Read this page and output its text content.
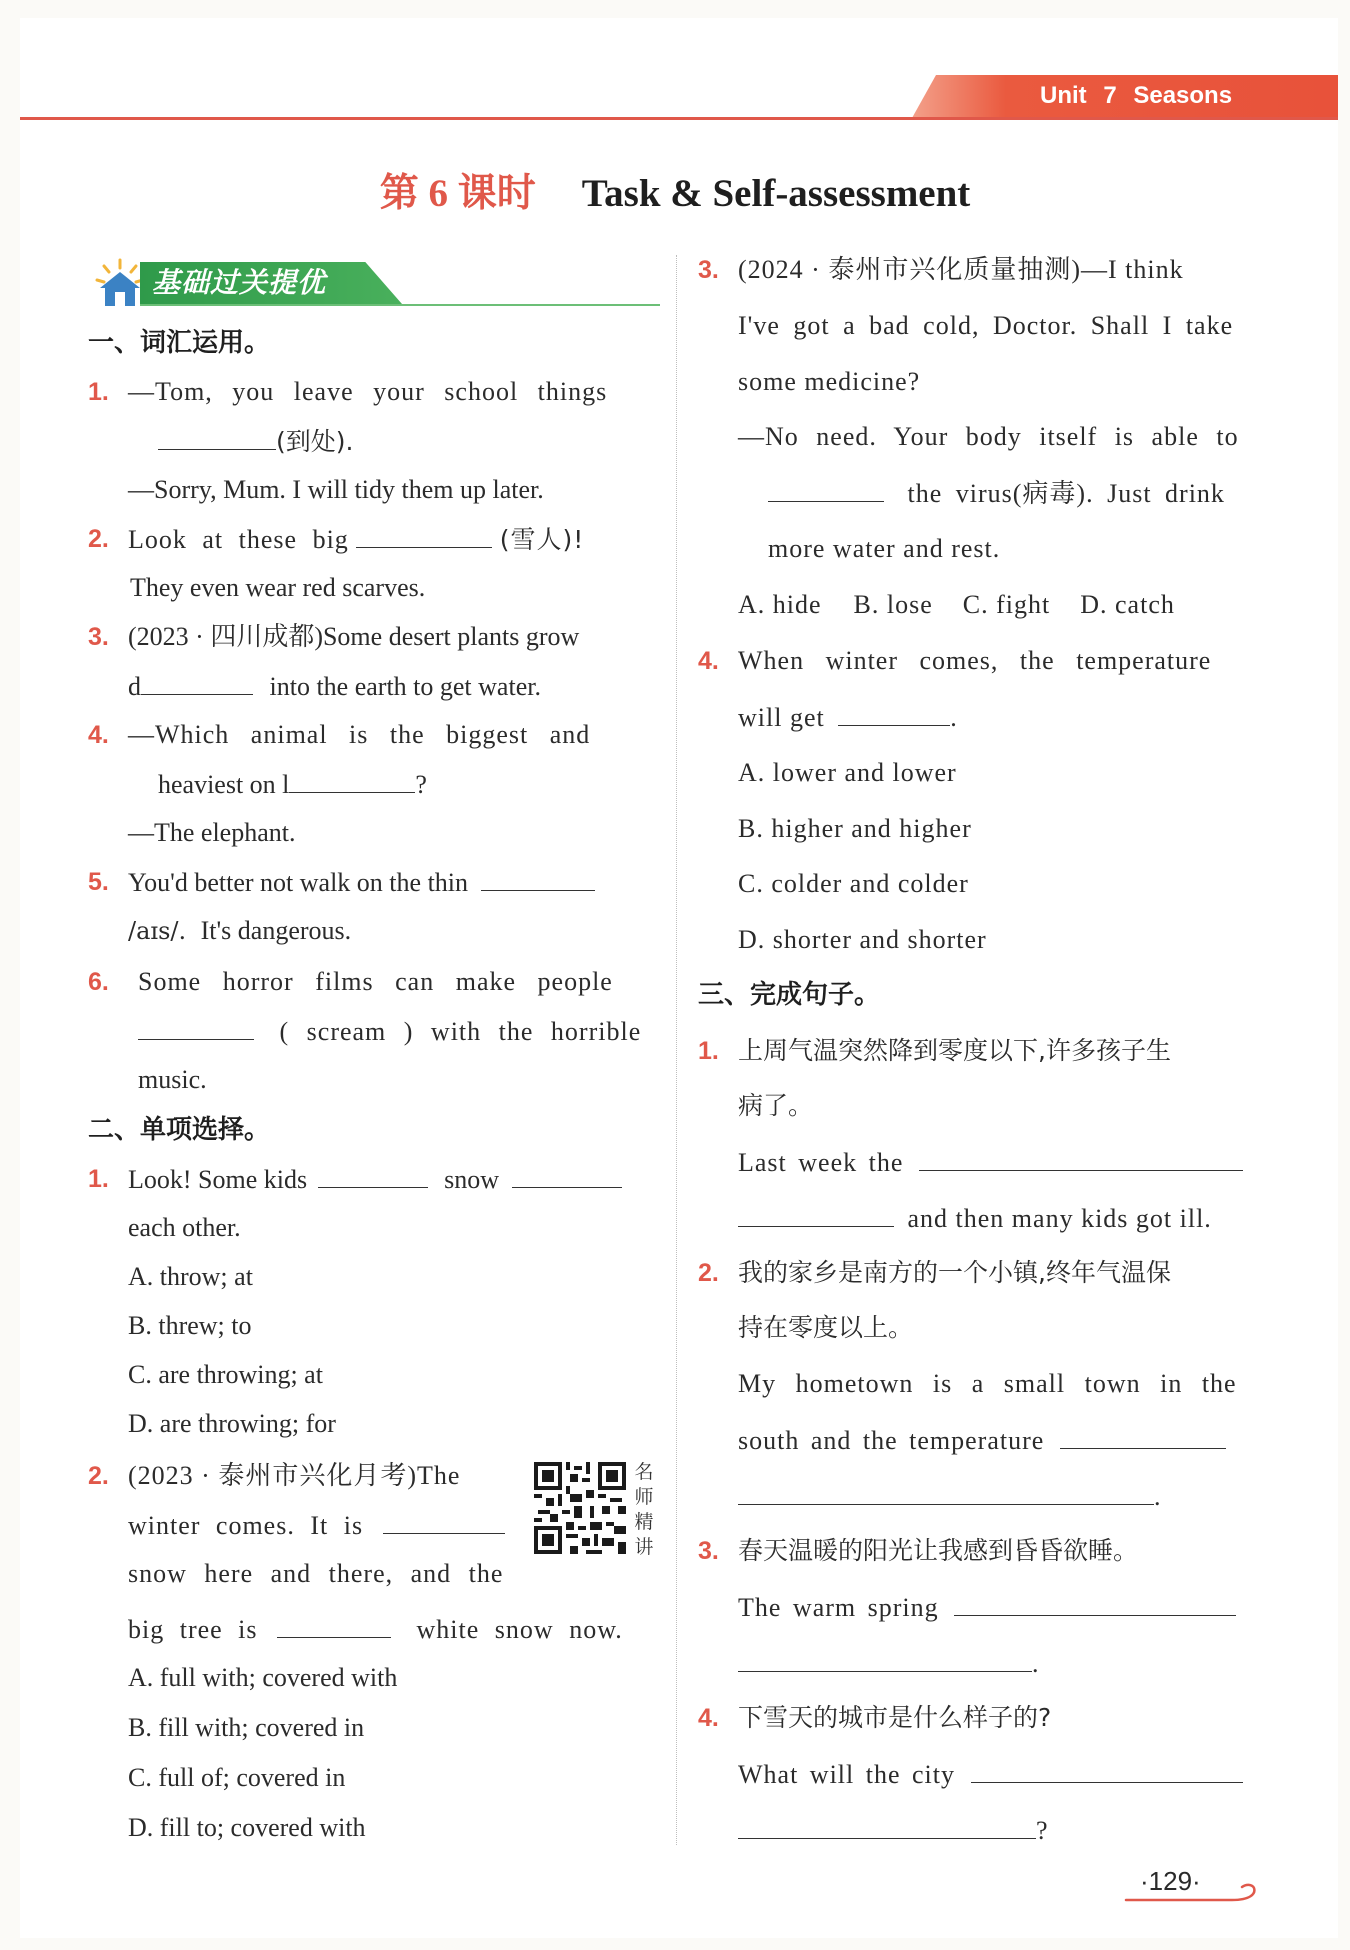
Unit 7 Seasons
第 6 课时 Task & Self-assessment
基础过关提优
一、词汇运用。
1. —Tom, you leave your school things
(到处).
—Sorry, Mum. I will tidy them up later.
2. Look at these big	(雪人)!
They even wear red scarves.
3. (2023 · 四川成都)Some desert plants grow
d	into the earth to get water.
4. —Which animal is the biggest and
heaviest on l	?
—The elephant.
5. You'd better not walk on the thin
/aɪs/. It's dangerous.
6. Some horror films can make people
( scream ) with the horrible
music.
二、单项选择。
1. Look! Some kids	snow
each other.
A. throw; at
B. threw; to
C. are throwing; at
D. are throwing; for
2. (2023 · 泰州市兴化月考)The
winter comes. It is
snow here and there, and the
big tree is	white snow now.
A. full with; covered with
B. fill with; covered in
C. full of; covered in
D. fill to; covered with
名
师
精
讲
3. (2024 · 泰州市兴化质量抽测)—I think
I've got a bad cold, Doctor. Shall I take
some medicine?
—No need. Your body itself is able to
the virus(病毒). Just drink
more water and rest.
A. hide B. lose C. fight D. catch
4. When winter comes, the temperature
will get	.
A. lower and lower
B. higher and higher
C. colder and colder
D. shorter and shorter
三、完成句子。
1. 上周气温突然降到零度以下,许多孩子生
病了。
Last week the
and then many kids got ill.
2. 我的家乡是南方的一个小镇,终年气温保
持在零度以上。
My hometown is a small town in the
south and the temperature
.
3. 春天温暖的阳光让我感到昏昏欲睡。
The warm spring
.
4. 下雪天的城市是什么样子的?
What will the city
?
·129·
